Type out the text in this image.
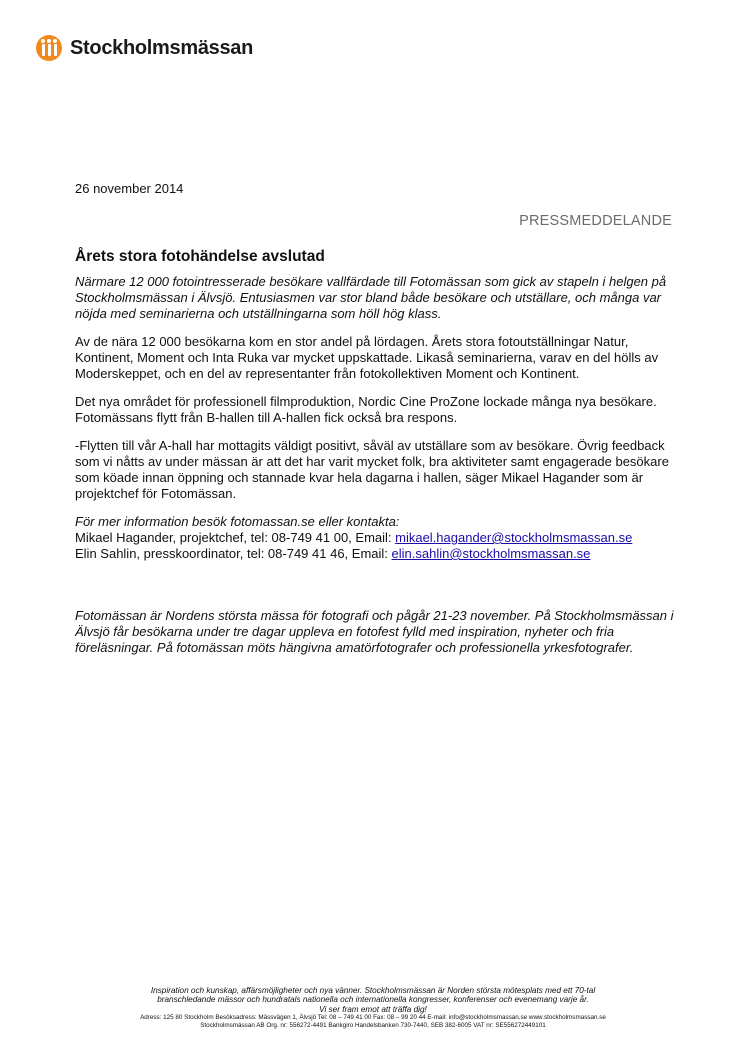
Stockholmsmässan
26 november 2014
PRESSMEDDELANDE
Årets stora fotohändelse avslutad

Närmare 12 000 fotointresserade besökare vallfärdade till Fotomässan som gick av stapeln i helgen på Stockholmsmässan i Älvsjö. Entusiasmen var stor bland både besökare och utställare, och många var nöjda med seminarierna och utställningarna som höll hög klass.

Av de nära 12 000 besökarna kom en stor andel på lördagen. Årets stora fotoutställningar Natur, Kontinent, Moment och Inta Ruka var mycket uppskattade. Likaså seminarierna, varav en del hölls av Moderskeppet, och en del av representanter från fotokollektiven Moment och Kontinent.

Det nya området för professionell filmproduktion, Nordic Cine ProZone lockade många nya besökare. Fotomässans flytt från B-hallen till A-hallen fick också bra respons.

-Flytten till vår A-hall har mottagits väldigt positivt, såväl av utställare som av besökare. Övrig feedback som vi nåtts av under mässan är att det har varit mycket folk, bra aktiviteter samt engagerade besökare som köade innan öppning och stannade kvar hela dagarna i hallen, säger Mikael Hagander som är projektchef för Fotomässan.

För mer information besök fotomassan.se eller kontakta:

Mikael Hagander, projektchef, tel: 08-749 41 00, Email: mikael.hagander@stockholmsmassan.se

Elin Sahlin, presskoordinator, tel: 08-749 41 46, Email: elin.sahlin@stockholmsmassan.se

Fotomässan är Nordens största mässa för fotografi och pågår 21-23 november. På Stockholmsmässan i Älvsjö får besökarna under tre dagar uppleva en fotofest fylld med inspiration, nyheter och fria föreläsningar. På fotomässan möts hängivna amatörfotografer och professionella yrkesfotografer.

Inspiration och kunskap, affärsmöjligheter och nya vänner. Stockholmsmässan är Norden största mötesplats med ett 70-tal
branschledande mässor och hundratals nationella och internationella kongresser, konferenser och evenemang varje år.
Vi ser fram emot att träffa dig!
Adress: 125 80 Stockholm Besöksadress: Mässvägen 1, Älvsjö Tel: 08 – 749 41 00 Fax: 08 – 99 20 44 E-mail: info@stockholmsmassan.se www.stockholmsmassan.se
Stockholmsmässan AB Org. nr: 556272-4491 Bankgiro Handelsbanken 730-7440, SEB 382-6005 VAT nr: SE556272449101
